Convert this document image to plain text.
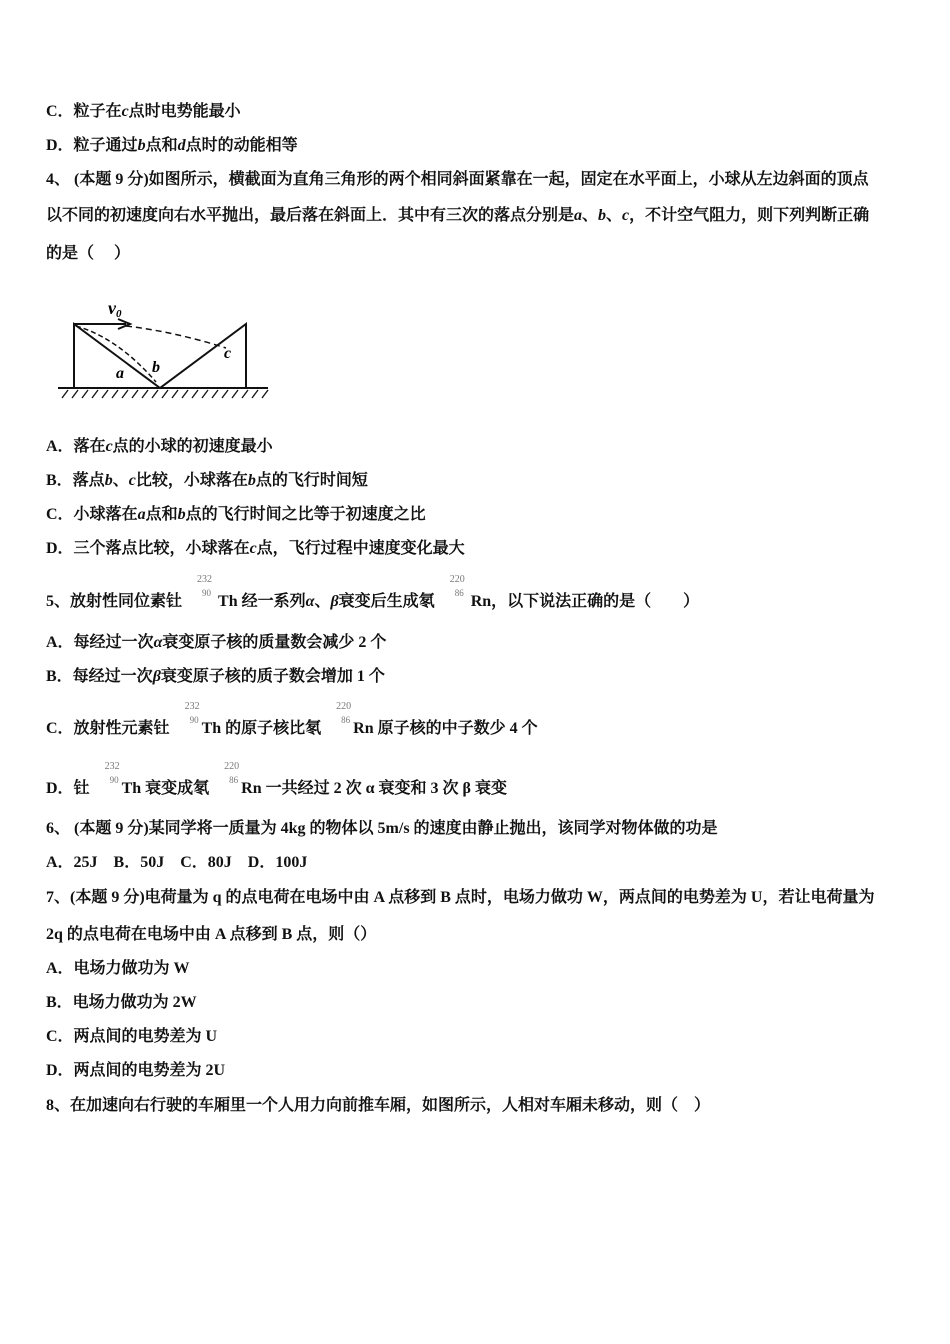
v0
a b
c
C．粒子在c点时电势能最小
D．粒子通过b点和d点时的动能相等
4、 (本题 9 分)如图所示，横截面为直角三角形的两个相同斜面紧靠在一起，固定在水平面上，小球从左边斜面的顶点
以不同的初速度向右水平抛出，最后落在斜面上．其中有三次的落点分别是a、b、c，不计空气阻力，则下列判断正确
的是（　 ）
A．落在c点的小球的初速度最小
B．落点b、c比较，小球落在b点的飞行时间短
C．小球落在a点和b点的飞行时间之比等于初速度之比
D．三个落点比较，小球落在c点，飞行过程中速度变化最大
5、放射性同位素钍
232
90 Th 经一系列α、β衰变后生成氡
220
86 Rn，以下说法正确的是（　　）
A．每经过一次α衰变原子核的质量数会减少 2 个
B．每经过一次β衰变原子核的质子数会增加 1 个
C．放射性元素钍
232
90 Th 的原子核比氡
220
86 Rn 原子核的中子数少 4 个
D．钍
232
90 Th 衰变成氡
220
86 Rn 一共经过 2 次 α 衰变和 3 次 β 衰变
6、 (本题 9 分)某同学将一质量为 4kg 的物体以 5m/s 的速度由静止抛出，该同学对物体做的功是
A．25J　B．50J　C．80J　D．100J
7、(本题 9 分)电荷量为 q 的点电荷在电场中由 A 点移到 B 点时，电场力做功 W，两点间的电势差为 U，若让电荷量为
2q 的点电荷在电场中由 A 点移到 B 点，则（）
A．电场力做功为 W
B．电场力做功为 2W
C．两点间的电势差为 U
D．两点间的电势差为 2U
8、在加速向右行驶的车厢里一个人用力向前推车厢，如图所示，人相对车厢未移动，则（　）
